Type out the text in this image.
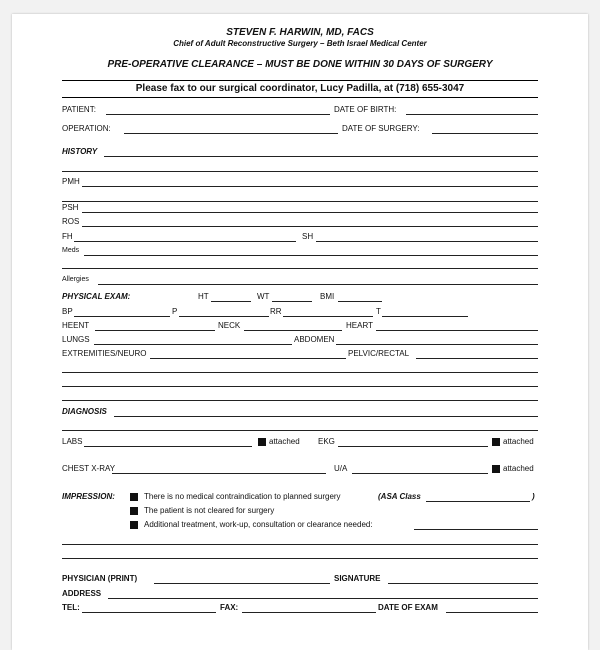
STEVEN F. HARWIN, MD, FACS
Chief of Adult Reconstructive Surgery – Beth Israel Medical Center
PRE-OPERATIVE CLEARANCE – MUST BE DONE WITHIN 30 DAYS OF SURGERY
Please fax to our surgical coordinator, Lucy Padilla, at (718) 655-3047
PATIENT:	DATE OF BIRTH:
OPERATION:	DATE OF SURGERY:
HISTORY
PMH
PSH
ROS
FH	SH
Meds
Allergies
PHYSICAL EXAM:	HT	WT	BMI
BP	P	RR	T
HEENT	NECK	HEART
LUNGS	ABDOMEN
EXTREMITIES/NEURO	PELVIC/RECTAL
DIAGNOSIS
LABS	attached EKG	attached
CHEST X-RAY	U/A	attached
IMPRESSION:	There is no medical contraindication to planned surgery	(ASA Class	)
The patient is not cleared for surgery
Additional treatment, work-up, consultation or clearance needed:
PHYSICIAN (PRINT)	SIGNATURE
ADDRESS
TEL:	FAX:	DATE OF EXAM
